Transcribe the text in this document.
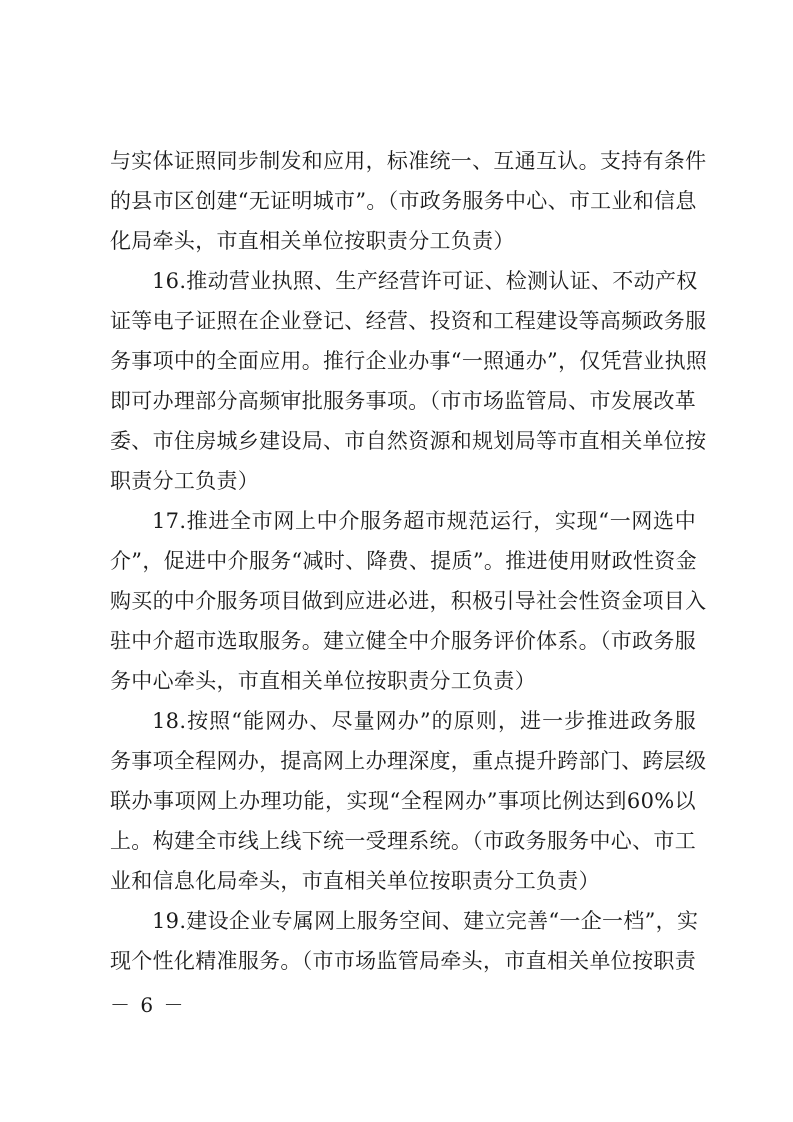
与实体证照同步制发和应用，标准统一、互通互认。支持有条件
的县市区创建“无证明城市”。（市政务服务中心、市工业和信息
化局牵头，市直相关单位按职责分工负责）
16.推动营业执照、生产经营许可证、检测认证、不动产权
证等电子证照在企业登记、经营、投资和工程建设等高频政务服
务事项中的全面应用。推行企业办事“一照通办”，仅凭营业执照
即可办理部分高频审批服务事项。（市市场监管局、市发展改革
委、市住房城乡建设局、市自然资源和规划局等市直相关单位按
职责分工负责）
17.推进全市网上中介服务超市规范运行，实现“一网选中
介”，促进中介服务“减时、降费、提质”。推进使用财政性资金
购买的中介服务项目做到应进必进，积极引导社会性资金项目入
驻中介超市选取服务。建立健全中介服务评价体系。（市政务服
务中心牵头，市直相关单位按职责分工负责）
18.按照“能网办、尽量网办”的原则，进一步推进政务服
务事项全程网办，提高网上办理深度，重点提升跨部门、跨层级
联办事项网上办理功能，实现“全程网办”事项比例达到60%以
上。构建全市线上线下统一受理系统。（市政务服务中心、市工
业和信息化局牵头，市直相关单位按职责分工负责）
19.建设企业专属网上服务空间、建立完善“一企一档”，实
现个性化精准服务。（市市场监管局牵头，市直相关单位按职责
－ 6 －
